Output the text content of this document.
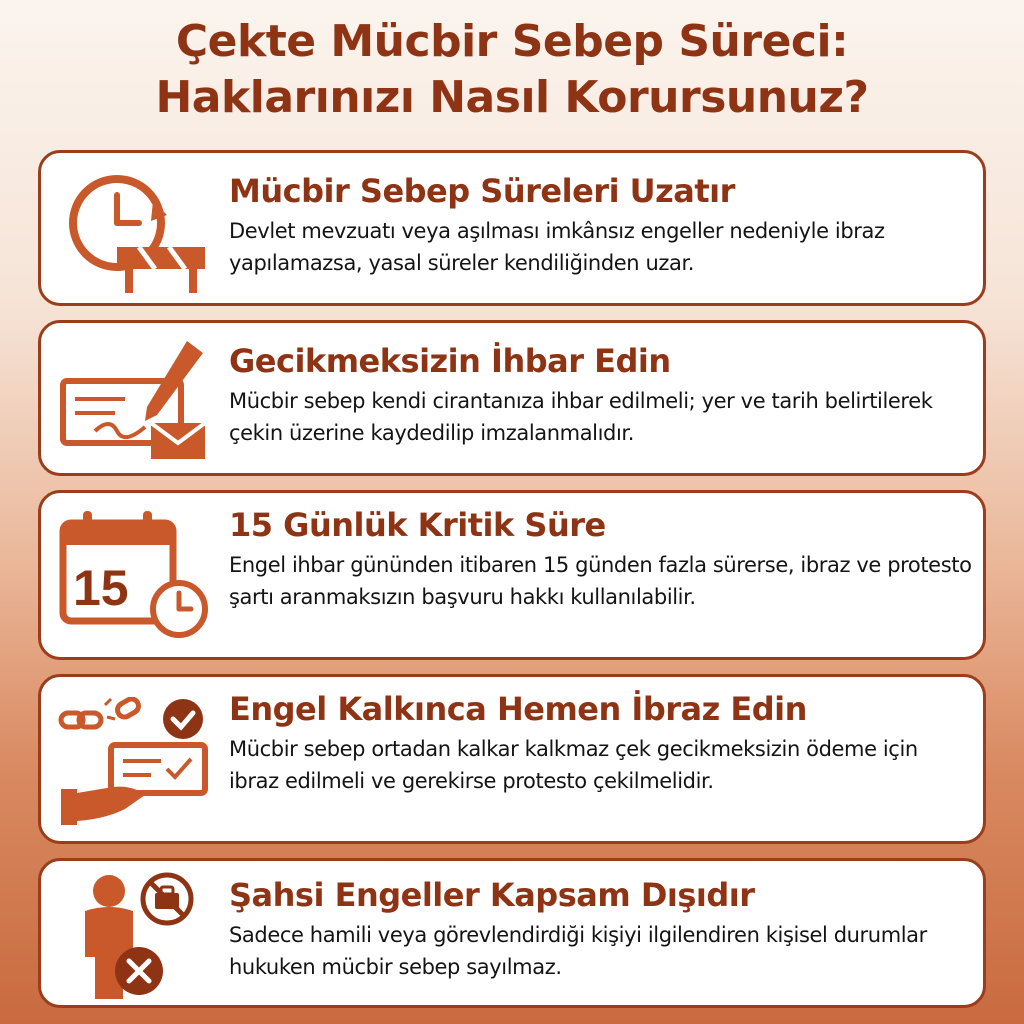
Çekte Mücbir Sebep Süreci:
Haklarınızı Nasıl Korursunuz?
Mücbir Sebep Süreleri Uzatır

Devlet mevzuatı veya aşılması imkânsız engeller nedeniyle ibraz yapılamazsa, yasal süreler kendiliğinden uzar.

Gecikmeksizin İhbar Edin

Mücbir sebep kendi cirantanıza ihbar edilmeli; yer ve tarih belirtilerek çekin üzerine kaydedilip imzalanmalıdır.

15
15 Günlük Kritik Süre

Engel ihbar gününden itibaren 15 günden fazla sürerse, ibraz ve protesto şartı aranmaksızın başvuru hakkı kullanılabilir.

Engel Kalkınca Hemen İbraz Edin

Mücbir sebep ortadan kalkar kalkmaz çek gecikmeksizin ödeme için ibraz edilmeli ve gerekirse protesto çekilmelidir.

Şahsi Engeller Kapsam Dışıdır

Sadece hamili veya görevlendirdiği kişiyi ilgilendiren kişisel durumlar hukuken mücbir sebep sayılmaz.
